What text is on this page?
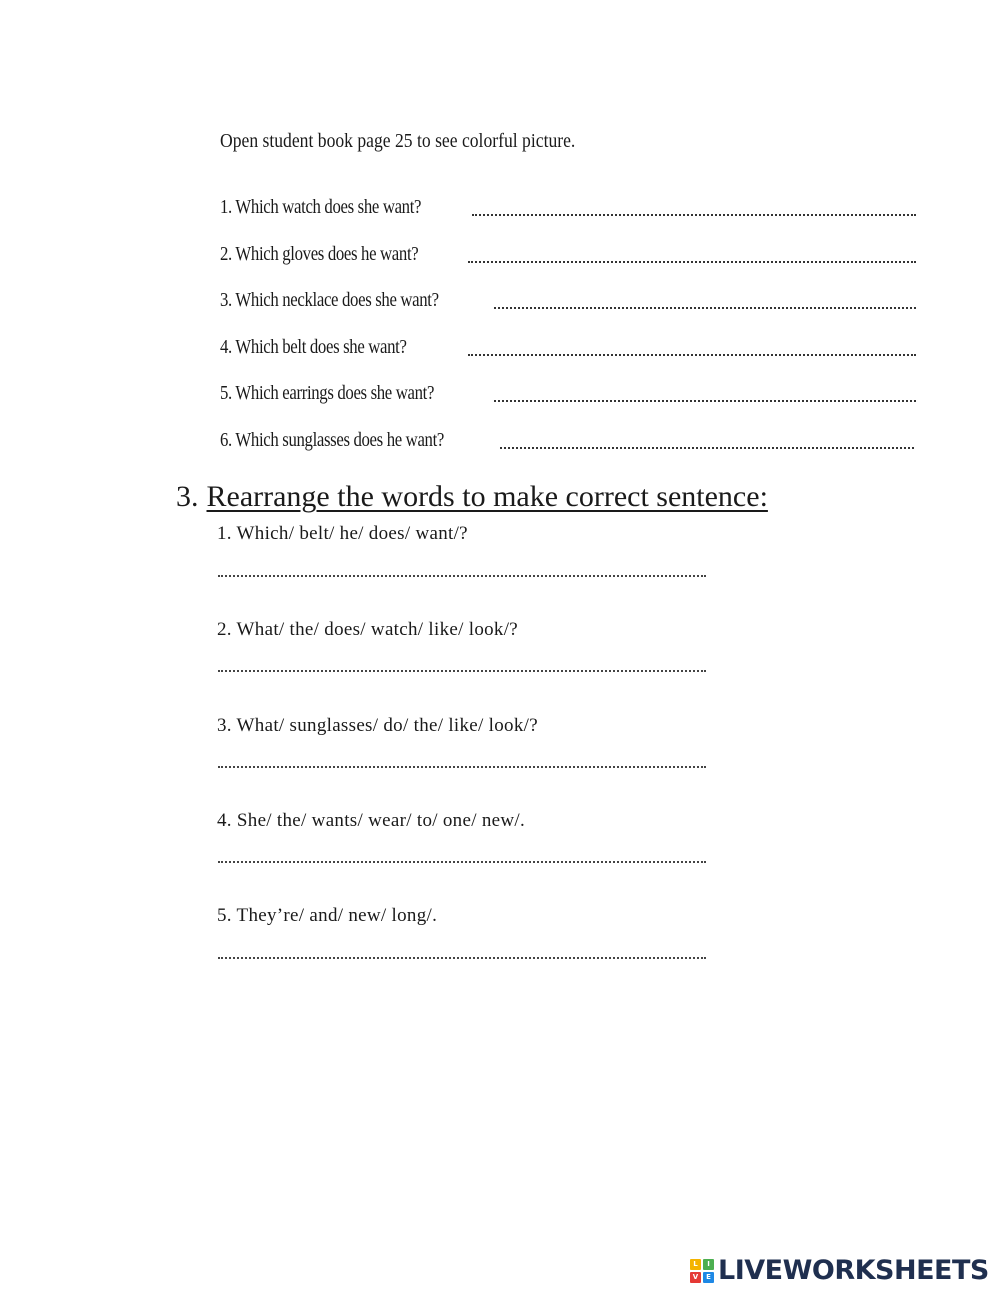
Open student book page 25 to see colorful picture.
1. Which watch does she want?
2. Which gloves does he want?
3. Which necklace does she want?
4. Which belt does she want?
5. Which earrings does she want?
6. Which sunglasses does he want?
3. Rearrange the words to make correct sentence:
1. Which/ belt/ he/ does/ want/?
2. What/ the/ does/ watch/ like/ look/?
3. What/ sunglasses/ do/ the/ like/ look/?
4. She/ the/ wants/ wear/ to/ one/ new/.
5. They’re/ and/ new/ long/.
L	I
V	E LIVEWORKSHEETS
